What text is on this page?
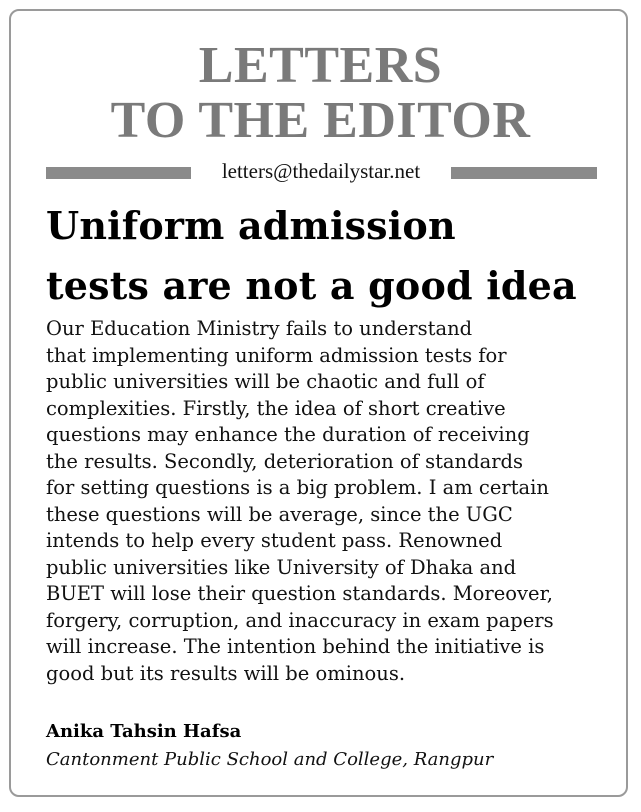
LETTERS
TO THE EDITOR
letters@thedailystar.net
Uniform admission
tests are not a good idea
Our Education Ministry fails to understand
that implementing uniform admission tests for
public universities will be chaotic and full of
complexities. Firstly, the idea of short creative
questions may enhance the duration of receiving
the results. Secondly, deterioration of standards
for setting questions is a big problem. I am certain
these questions will be average, since the UGC
intends to help every student pass. Renowned
public universities like University of Dhaka and
BUET will lose their question standards. Moreover,
forgery, corruption, and inaccuracy in exam papers
will increase. The intention behind the initiative is
good but its results will be ominous.
Anika Tahsin Hafsa
Cantonment Public School and College, Rangpur
